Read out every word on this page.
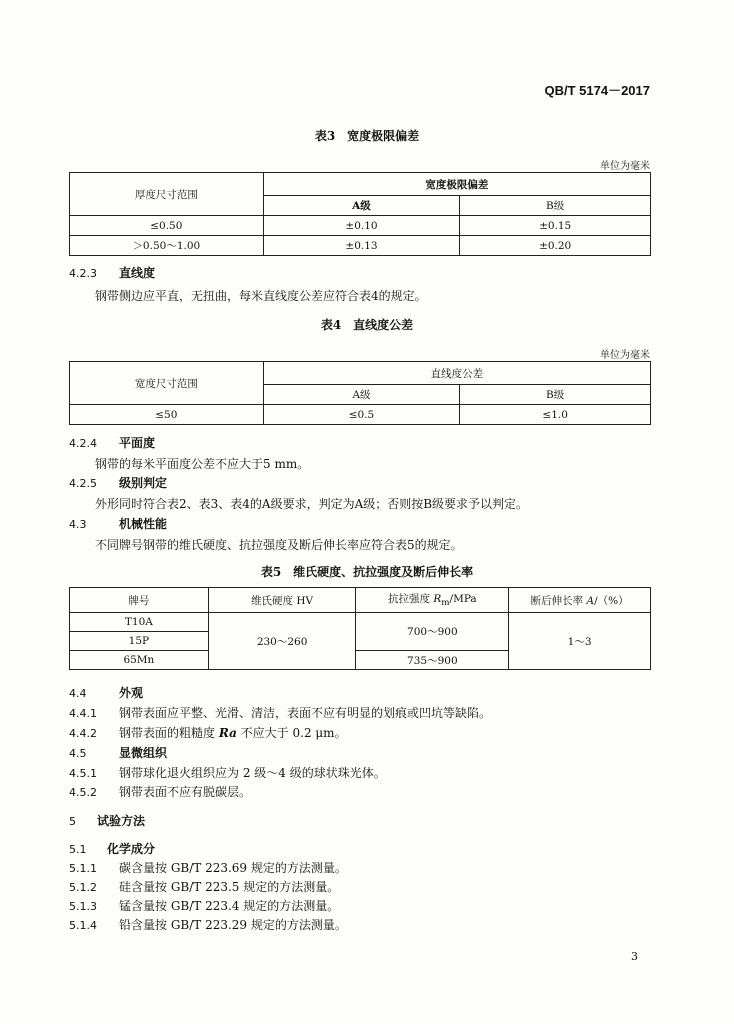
QB/T 5174－2017
表3　宽度极限偏差
单位为毫米
厚度尺寸范围	宽度极限偏差	
	A级	B级
≤0.50	±0.10	±0.15
＞0.50～1.00	±0.13	±0.20
4.2.3 直线度
钢带侧边应平直，无扭曲，每米直线度公差应符合表4的规定。
表4　直线度公差
单位为毫米
宽度尺寸范围	直线度公差	
	A级	B级
≤50	≤0.5	≤1.0
4.2.4 平面度
钢带的每米平面度公差不应大于5 mm。
4.2.5 级别判定
外形同时符合表2、表3、表4的A级要求，判定为A级；否则按B级要求予以判定。
4.3	机械性能
不同牌号钢带的维氏硬度、抗拉强度及断后伸长率应符合表5的规定。
表5　维氏硬度、抗拉强度及断后伸长率
牌号	维氏硬度 HV	抗拉强度 $R_m$/MPa	断后伸长率 A/（%）
T10A	230～260	700～900	1～3
15P			
65Mn		735～900	
4.4	外观
4.4.1 钢带表面应平整、光滑、清洁，表面不应有明显的划痕或凹坑等缺陷。
4.4.2 钢带表面的粗糙度 Ra 不应大于 0.2 μm。
4.5	显微组织
4.5.1 钢带球化退火组织应为 2 级～4 级的球状珠光体。
4.5.2 钢带表面不应有脱碳层。
5 试验方法
5.1 化学成分
5.1.1 碳含量按 GB/T 223.69 规定的方法测量。
5.1.2 硅含量按 GB/T 223.5 规定的方法测量。
5.1.3 锰含量按 GB/T 223.4 规定的方法测量。
5.1.4 铅含量按 GB/T 223.29 规定的方法测量。
3
